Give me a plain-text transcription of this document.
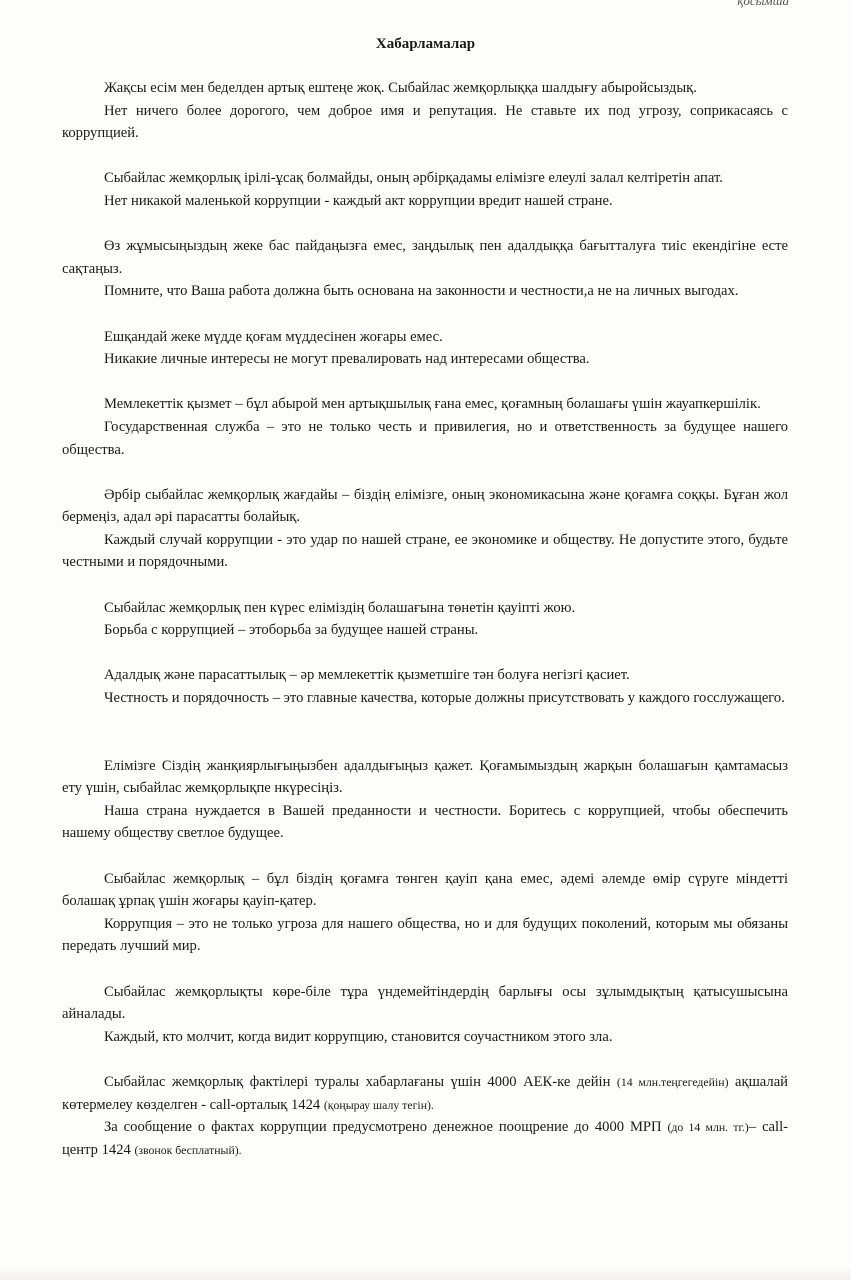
қосымша
Хабарламалар

Жақсы есім мен беделден артық ештеңе жоқ. Сыбайлас жемқорлыққа шалдығу абыройсыздық.

Нет ничего более дорогого, чем доброе имя и репутация. Не ставьте их под угрозу, соприкасаясь с коррупцией.

Сыбайлас жемқорлық ірілі-ұсақ болмайды, оның әрбірқадамы елімізге елеулі залал келтіретін апат.

Нет никакой маленькой коррупции - каждый акт коррупции вредит нашей стране.

Өз жұмысыңыздың жеке бас пайдаңызға емес, заңдылық пен адалдыққа бағытталуға тиіс екендігіне есте сақтаңыз.

Помните, что Ваша работа должна быть основана на законности и честности,а не на личных выгодах.

Ешқандай жеке мүдде қоғам мүддесінен жоғары емес.

Никакие личные интересы не могут превалировать над интересами общества.

Мемлекеттік қызмет – бұл абырой мен артықшылық ғана емес, қоғамның болашағы үшін жауапкершілік.

Государственная служба – это не только честь и привилегия, но и ответственность за будущее нашего общества.

Әрбір сыбайлас жемқорлық жағдайы – біздің елімізге, оның экономикасына және қоғамға соққы. Бұған жол бермеңіз, адал әрі парасатты болайық.

Каждый случай коррупции - это удар по нашей стране, ее экономике и обществу. Не допустите этого, будьте честными и порядочными.

Сыбайлас жемқорлық пен күрес еліміздің болашағына төнетін қауіпті жою.

Борьба с коррупцией – этоборьба за будущее нашей страны.

Адалдық және парасаттылық – әр мемлекеттік қызметшіге тән болуға негізгі қасиет.

Честность и порядочность – это главные качества, которые должны присутствовать у каждого госслужащего.

Елімізге Сіздің жанқиярлығыңызбен адалдығыңыз қажет. Қоғамымыздың жарқын болашағын қамтамасыз ету үшін, сыбайлас жемқорлықпе нкүресіңіз.

Наша страна нуждается в Вашей преданности и честности. Боритесь с коррупцией, чтобы обеспечить нашему обществу светлое будущее.

Сыбайлас жемқорлық – бұл біздің қоғамға төнген қауіп қана емес, әдемі әлемде өмір сүруге міндетті болашақ ұрпақ үшін жоғары қауіп-қатер.

Коррупция – это не только угроза для нашего общества, но и для будущих поколений, которым мы обязаны передать лучший мир.

Сыбайлас жемқорлықты көре-біле тұра үндемейтіндердің барлығы осы зұлымдықтың қатысушысына айналады.

Каждый, кто молчит, когда видит коррупцию, становится соучастником этого зла.

Сыбайлас жемқорлық фактілері туралы хабарлағаны үшін 4000 АЕК-ке дейін (14 млн.теңгегедейін) ақшалай көтермелеу көзделген - call-орталық 1424 (қоңырау шалу тегін).

За сообщение о фактах коррупции предусмотрено денежное поощрение до 4000 МРП (до 14 млн. тг.)– call-центр 1424 (звонок бесплатный).
